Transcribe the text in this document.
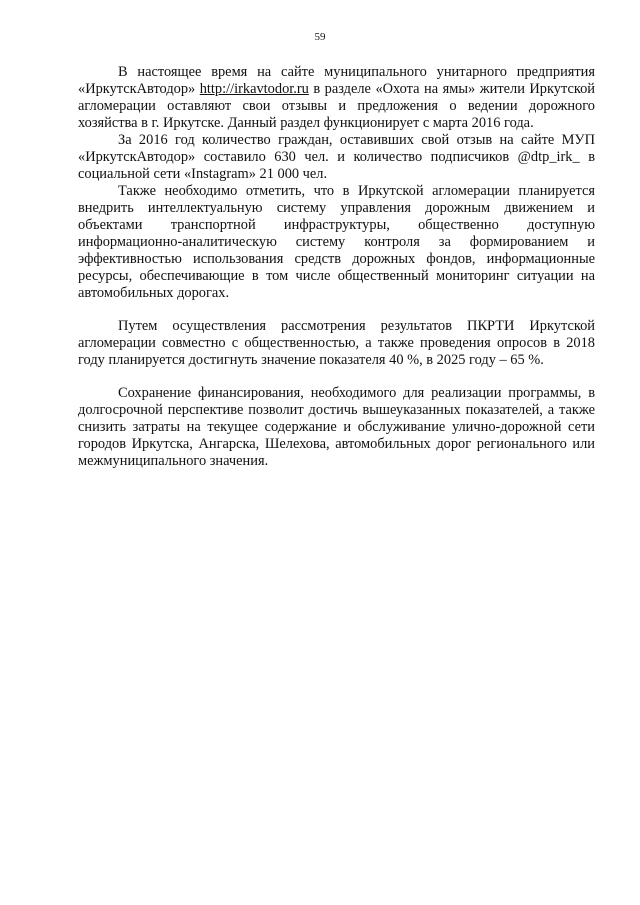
59

В настоящее время на сайте муниципального унитарного предприятия «ИркутскАвтодор» http://irkavtodor.ru в разделе «Охота на ямы» жители Иркутской агломерации оставляют свои отзывы и предложения о ведении дорожного хозяйства в г. Иркутске. Данный раздел функционирует с марта 2016 года.

За 2016 год количество граждан, оставивших свой отзыв на сайте МУП «ИркутскАвтодор» составило 630 чел. и количество подписчиков @dtp_irk_ в социальной сети «Instagram» 21 000 чел.

Также необходимо отметить, что в Иркутской агломерации планируется внедрить интеллектуальную систему управления дорожным движением и объектами транспортной инфраструктуры, общественно доступную информационно-аналитическую систему контроля за формированием и эффективностью использования средств дорожных фондов, информационные ресурсы, обеспечивающие в том числе общественный мониторинг ситуации на автомобильных дорогах.

Путем осуществления рассмотрения результатов ПКРТИ Иркутской агломерации совместно с общественностью, а также проведения опросов в 2018 году планируется достигнуть значение показателя 40 %, в 2025 году – 65 %.

Сохранение финансирования, необходимого для реализации программы, в долгосрочной перспективе позволит достичь вышеуказанных показателей, а также снизить затраты на текущее содержание и обслуживание улично-дорожной сети городов Иркутска, Ангарска, Шелехова, автомобильных дорог регионального или межмуниципального значения.
